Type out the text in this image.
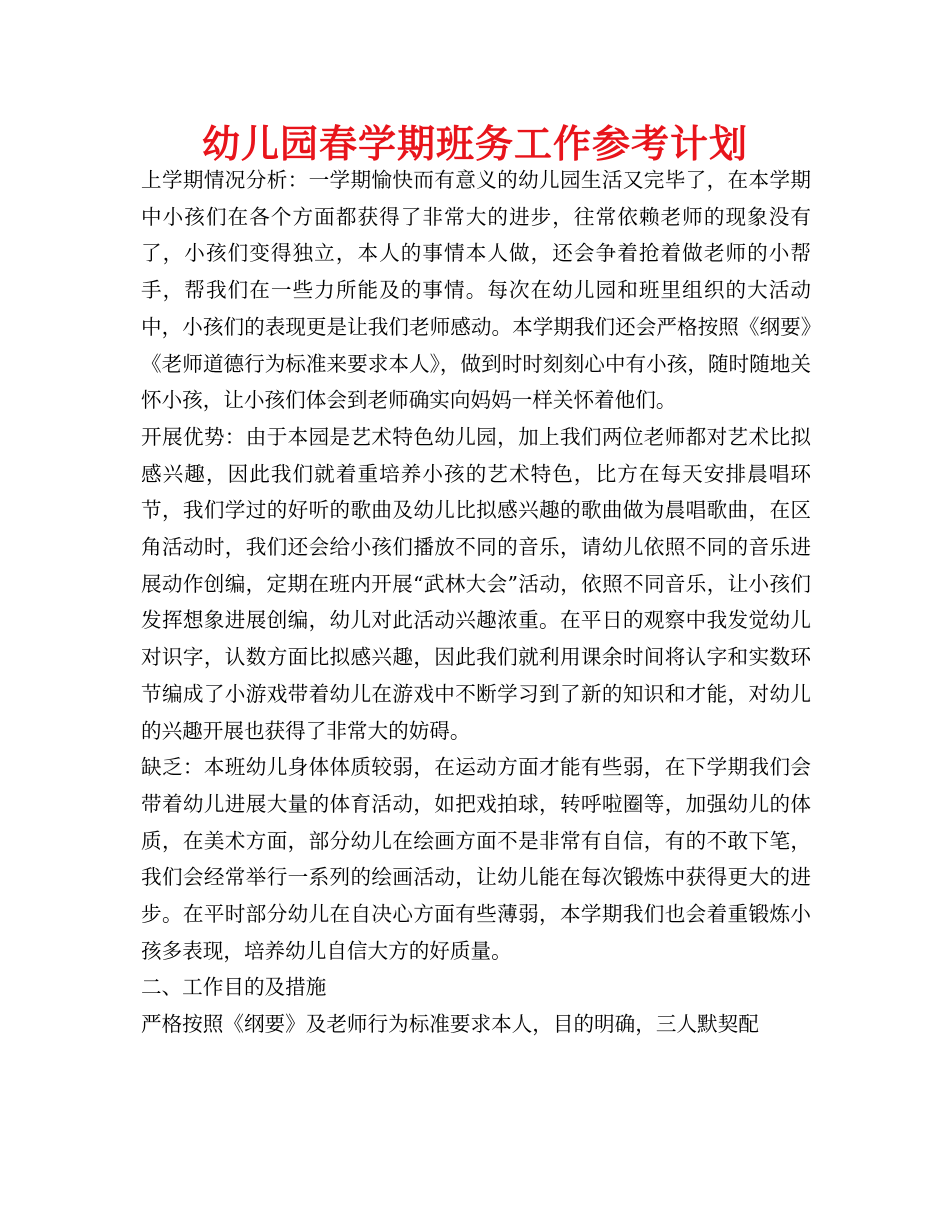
幼儿园春学期班务工作参考计划

上学期情况分析：一学期愉快而有意义的幼儿园生活又完毕了，在本学期中小孩们在各个方面都获得了非常大的进步，往常依赖老师的现象没有了，小孩们变得独立，本人的事情本人做，还会争着抢着做老师的小帮手，帮我们在一些力所能及的事情。每次在幼儿园和班里组织的大活动中，小孩们的表现更是让我们老师感动。本学期我们还会严格按照《纲要》《老师道德行为标准来要求本人》，做到时时刻刻心中有小孩，随时随地关怀小孩，让小孩们体会到老师确实向妈妈一样关怀着他们。

开展优势：由于本园是艺术特色幼儿园，加上我们两位老师都对艺术比拟感兴趣，因此我们就着重培养小孩的艺术特色，比方在每天安排晨唱环节，我们学过的好听的歌曲及幼儿比拟感兴趣的歌曲做为晨唱歌曲，在区角活动时，我们还会给小孩们播放不同的音乐，请幼儿依照不同的音乐进展动作创编，定期在班内开展“武林大会”活动，依照不同音乐，让小孩们发挥想象进展创编，幼儿对此活动兴趣浓重。在平日的观察中我发觉幼儿对识字，认数方面比拟感兴趣，因此我们就利用课余时间将认字和实数环节编成了小游戏带着幼儿在游戏中不断学习到了新的知识和才能，对幼儿的兴趣开展也获得了非常大的妨碍。

缺乏：本班幼儿身体体质较弱，在运动方面才能有些弱，在下学期我们会带着幼儿进展大量的体育活动，如把戏拍球，转呼啦圈等，加强幼儿的体质，在美术方面，部分幼儿在绘画方面不是非常有自信，有的不敢下笔，我们会经常举行一系列的绘画活动，让幼儿能在每次锻炼中获得更大的进步。在平时部分幼儿在自决心方面有些薄弱，本学期我们也会着重锻炼小孩多表现，培养幼儿自信大方的好质量。

二、工作目的及措施

严格按照《纲要》及老师行为标准要求本人，目的明确，三人默契配
